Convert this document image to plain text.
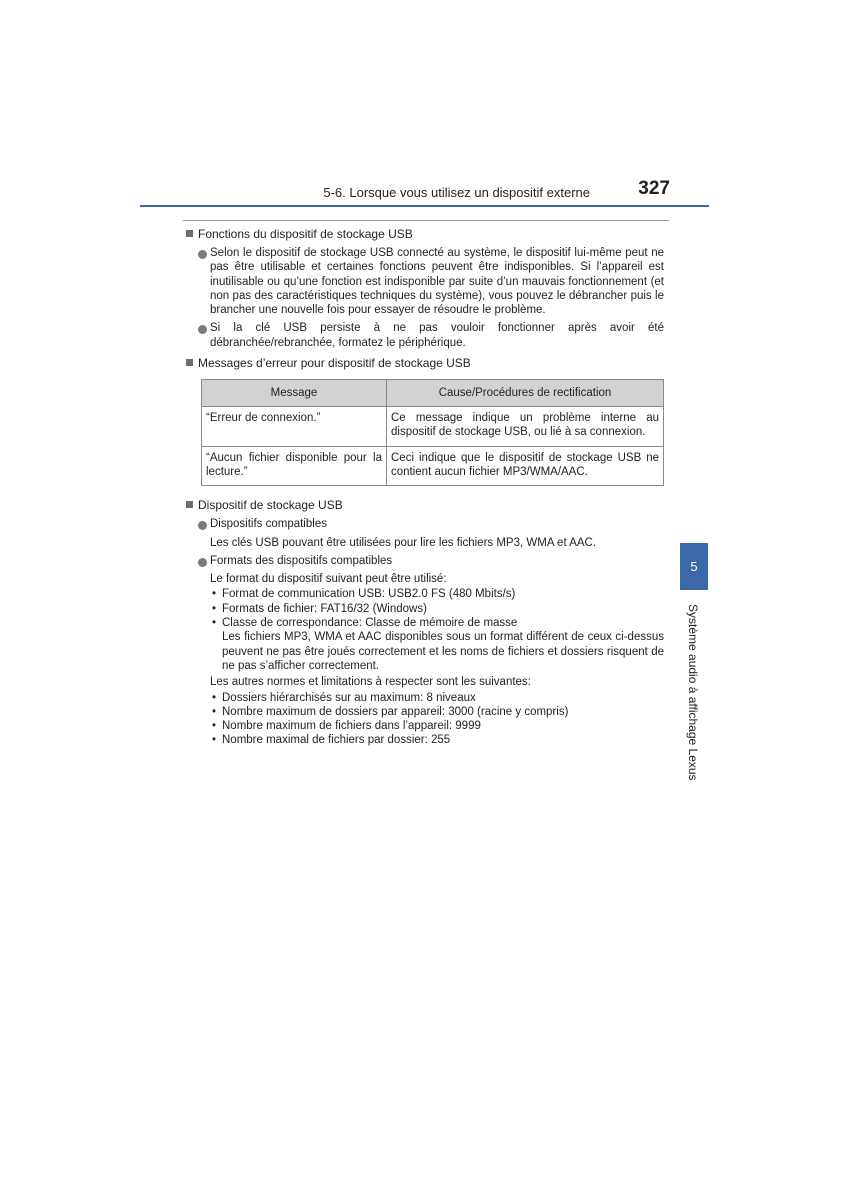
5-6. Lorsque vous utilisez un dispositif externe	327
Fonctions du dispositif de stockage USB
Selon le dispositif de stockage USB connecté au système, le dispositif lui-même peut ne pas être utilisable et certaines fonctions peuvent être indisponibles. Si l’appareil est inutilisable ou qu’une fonction est indisponible par suite d’un mauvais fonctionnement (et non pas des caractéristiques techniques du système), vous pouvez le débrancher puis le brancher une nouvelle fois pour essayer de résoudre le problème.
Si la clé USB persiste à ne pas vouloir fonctionner après avoir été débranchée/rebranchée, formatez le périphérique.
Messages d’erreur pour dispositif de stockage USB
Message	Cause/Procédures de rectification
“Erreur de connexion.”	Ce message indique un problème interne au dispositif de stockage USB, ou lié à sa connexion.
“Aucun fichier disponible pour la lecture.”	Ceci indique que le dispositif de stockage USB ne contient aucun fichier MP3/WMA/AAC.
Dispositif de stockage USB
Dispositifs compatibles
Les clés USB pouvant être utilisées pour lire les fichiers MP3, WMA et AAC.
Formats des dispositifs compatibles
Le format du dispositif suivant peut être utilisé:
• Format de communication USB: USB2.0 FS (480 Mbits/s)
• Formats de fichier: FAT16/32 (Windows)
• Classe de correspondance: Classe de mémoire de masse
Les fichiers MP3, WMA et AAC disponibles sous un format différent de ceux ci-dessus peuvent ne pas être joués correctement et les noms de fichiers et dossiers risquent de ne pas s’afficher correctement.
Les autres normes et limitations à respecter sont les suivantes:
• Dossiers hiérarchisés sur au maximum: 8 niveaux
• Nombre maximum de dossiers par appareil: 3000 (racine y compris)
• Nombre maximum de fichiers dans l’appareil: 9999
• Nombre maximal de fichiers par dossier: 255
5
Système audio à affichage Lexus
